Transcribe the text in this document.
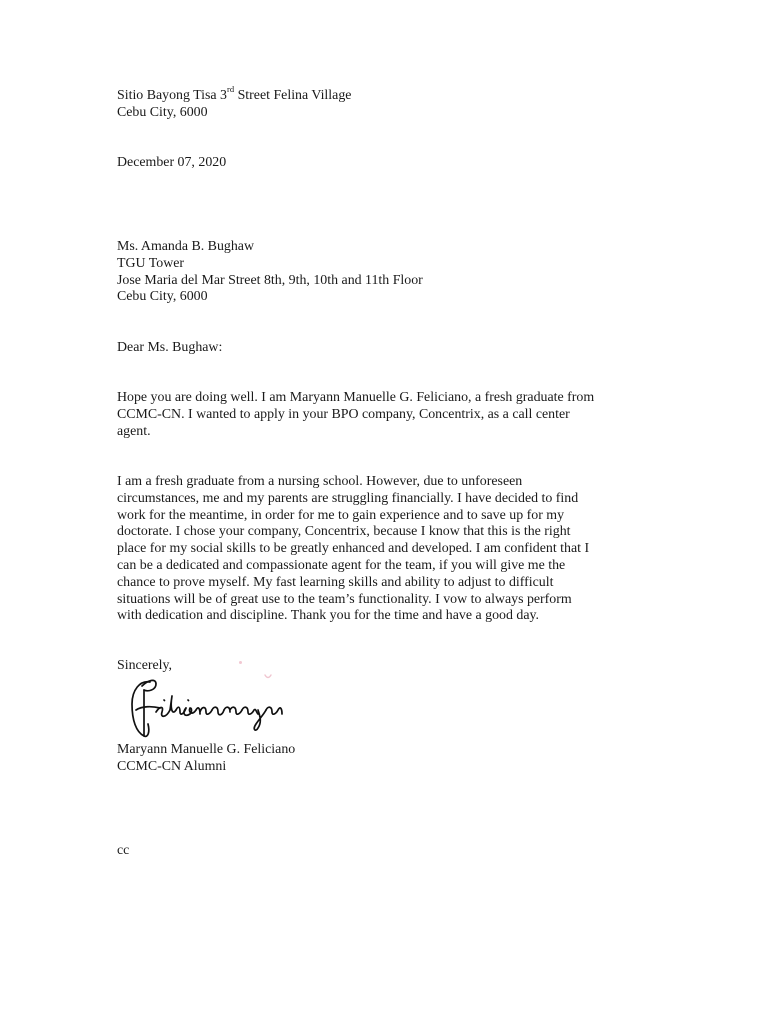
Sitio Bayong Tisa 3rd Street Felina Village
Cebu City, 6000
December 07, 2020
Ms. Amanda B. Bughaw
TGU Tower
Jose Maria del Mar Street 8th, 9th, 10th and 11th Floor
Cebu City, 6000
Dear Ms. Bughaw:
Hope you are doing well. I am Maryann Manuelle G. Feliciano, a fresh graduate from
CCMC-CN. I wanted to apply in your BPO company, Concentrix, as a call center
agent.
I am a fresh graduate from a nursing school. However, due to unforeseen
circumstances, me and my parents are struggling financially. I have decided to find
work for the meantime, in order for me to gain experience and to save up for my
doctorate. I chose your company, Concentrix, because I know that this is the right
place for my social skills to be greatly enhanced and developed. I am confident that I
can be a dedicated and compassionate agent for the team, if you will give me the
chance to prove myself. My fast learning skills and ability to adjust to difficult
situations will be of great use to the team’s functionality. I vow to always perform
with dedication and discipline. Thank you for the time and have a good day.
Sincerely,
Maryann Manuelle G. Feliciano
CCMC-CN Alumni
cc
